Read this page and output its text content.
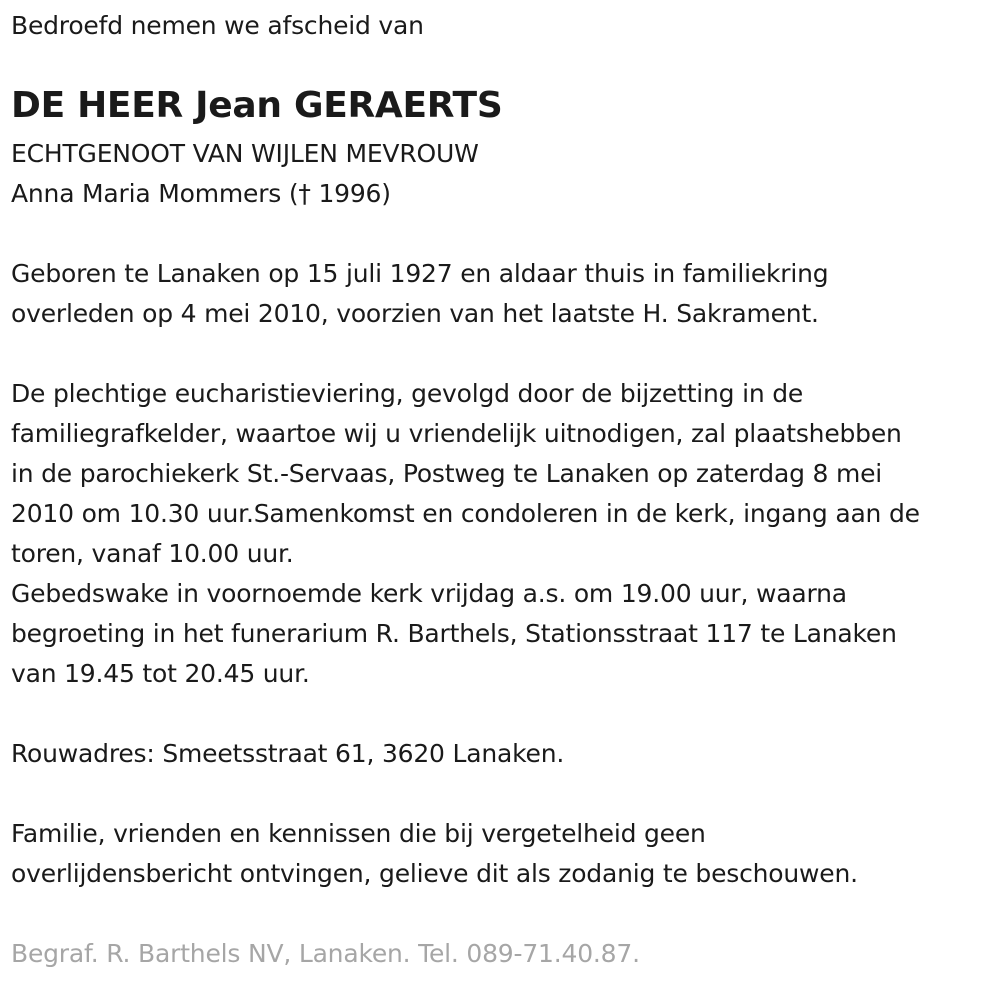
Bedroefd nemen we afscheid van
DE HEER Jean GERAERTS
ECHTGENOOT VAN WIJLEN MEVROUW
Anna Maria Mommers († 1996)
Geboren te Lanaken op 15 juli 1927 en aldaar thuis in familiekring
overleden op 4 mei 2010, voorzien van het laatste H. Sakrament.
De plechtige eucharistieviering, gevolgd door de bijzetting in de
familiegrafkelder, waartoe wij u vriendelijk uitnodigen, zal plaatshebben
in de parochiekerk St.-Servaas, Postweg te Lanaken op zaterdag 8 mei
2010 om 10.30 uur.Samenkomst en condoleren in de kerk, ingang aan de
toren, vanaf 10.00 uur.
Gebedswake in voornoemde kerk vrijdag a.s. om 19.00 uur, waarna
begroeting in het funerarium R. Barthels, Stationsstraat 117 te Lanaken
van 19.45 tot 20.45 uur.
Rouwadres: Smeetsstraat 61, 3620 Lanaken.
Familie, vrienden en kennissen die bij vergetelheid geen
overlijdensbericht ontvingen, gelieve dit als zodanig te beschouwen.
Begraf. R. Barthels NV, Lanaken. Tel. 089-71.40.87.
